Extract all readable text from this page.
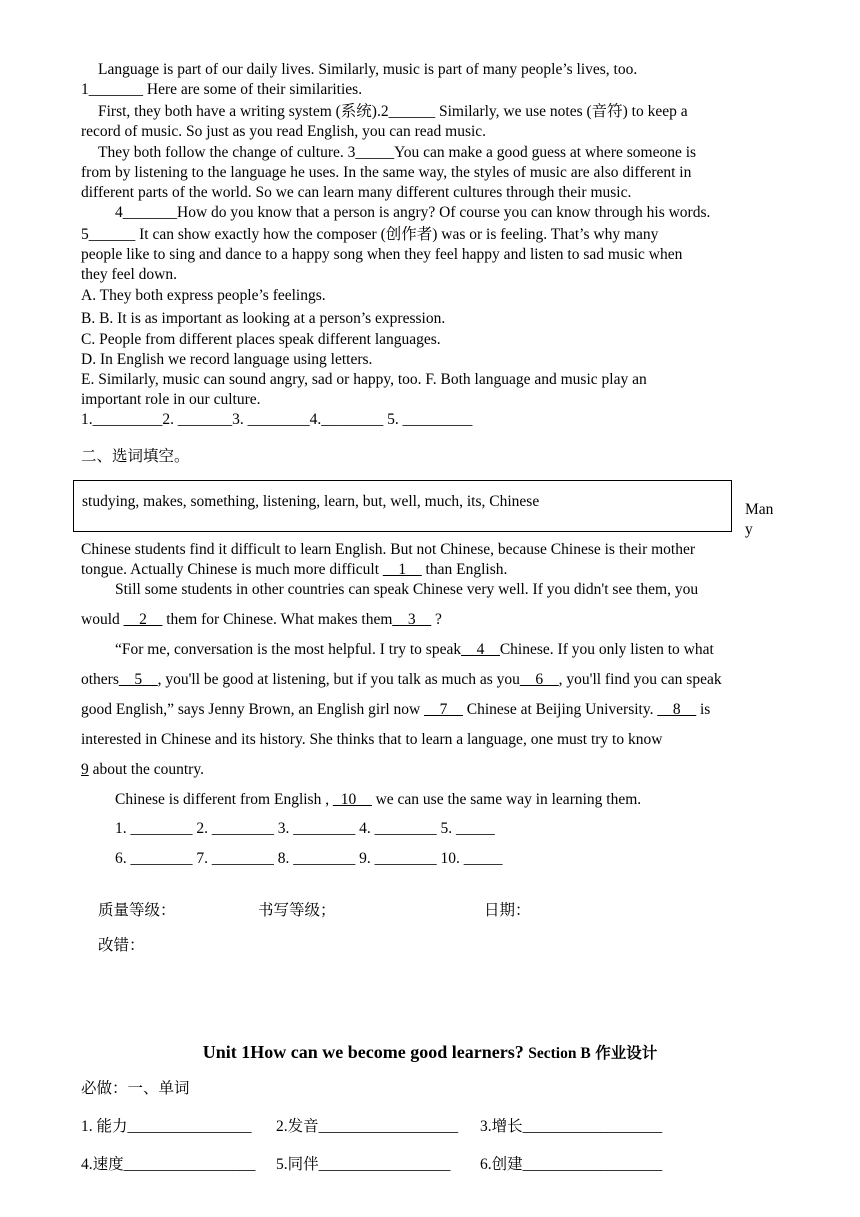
Language is part of our daily lives. Similarly, music is part of many people’s lives, too.
1_______ Here are some of their similarities.
First, they both have a writing system (系统).2______ Similarly, we use notes (音符) to keep a
record of music. So just as you read English, you can read music.
They both follow the change of culture. 3_____You can make a good guess at where someone is
from by listening to the language he uses. In the same way, the styles of music are also different in
different parts of the world. So we can learn many different cultures through their music.
4_______How do you know that a person is angry? Of course you can know through his words.
5______ It can show exactly how the composer (创作者) was or is feeling. That’s why many
people like to sing and dance to a happy song when they feel happy and listen to sad music when
they feel down.
A. They both express people’s feelings.
B. B. It is as important as looking at a person’s expression.
C. People from different places speak different languages.
D. In English we record language using letters.
E. Similarly, music can sound angry, sad or happy, too. F. Both language and music play an
important role in our culture.
1._________2. _______3. ________4.________ 5. _________
二、选词填空。
studying, makes, something, listening, learn, but, well, much, its, Chinese	Man
y
Chinese students find it difficult to learn English. But not Chinese, because Chinese is their mother
tongue. Actually Chinese is much more difficult __1__ than English.
Still some students in other countries can speak Chinese very well. If you didn't see them, you
would __2__ them for Chinese. What makes them__3__ ?
“For me, conversation is the most helpful. I try to speak__4__Chinese. If you only listen to what
others__5__, you'll be good at listening, but if you talk as much as you__6__, you'll find you can speak
good English,” says Jenny Brown, an English girl now __7__ Chinese at Beijing University. __8__ is
interested in Chinese and its history. She thinks that to learn a language, one must try to know
9 about the country.
Chinese is different from English , _10__ we can use the same way in learning them.
1. ________ 2. ________ 3. ________ 4. ________ 5. _____
6. ________ 7. ________ 8. ________ 9. ________ 10. _____
质量等级：	书写等级；	日期：
改错：
Unit 1How can we become good learners? Section B 作业设计
必做：一、单词
1. 能力________________ 2.发音__________________ 3.增长__________________
4.速度_________________ 5.同伴_________________ 6.创建__________________
